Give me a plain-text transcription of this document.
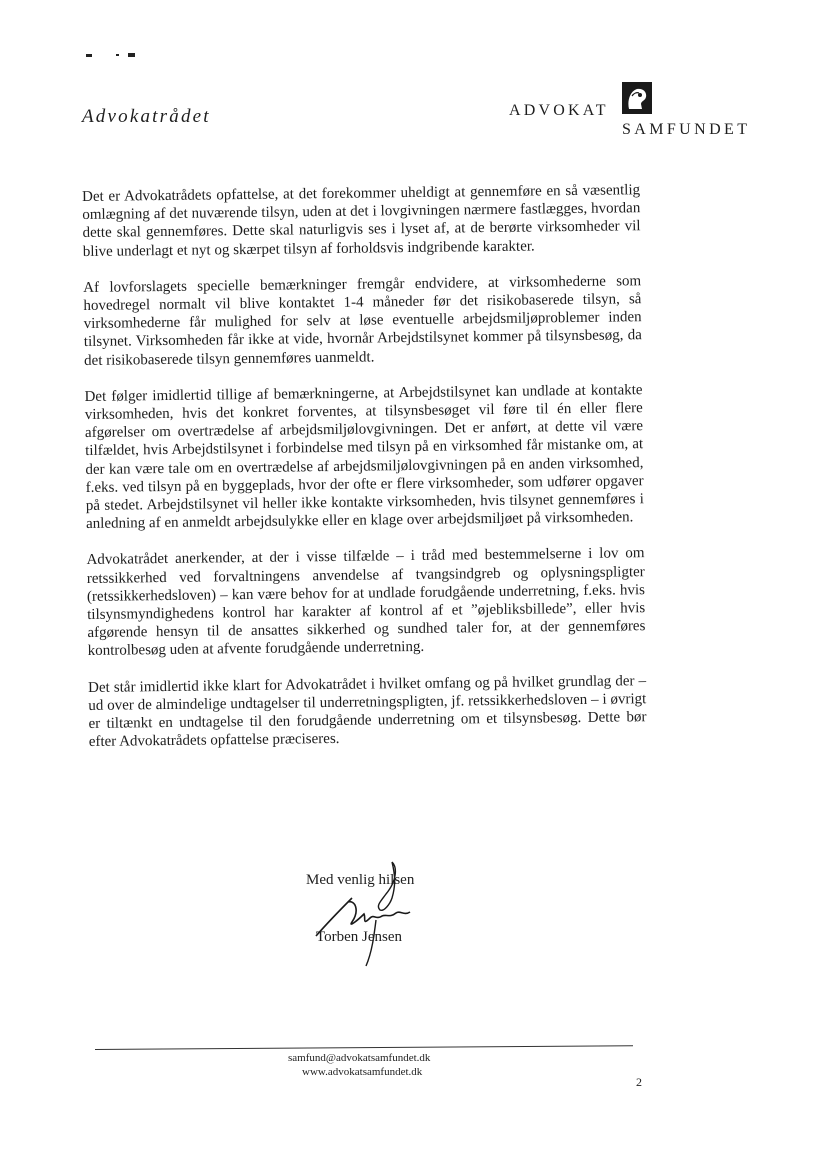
Advokatrådet	ADVOKAT
SAMFUNDET

Det er Advokatrådets opfattelse, at det forekommer uheldigt at gennemføre en så væsentlig omlægning af det nuværende tilsyn, uden at det i lovgivningen nærmere fastlægges, hvordan dette skal gennemføres. Dette skal naturligvis ses i lyset af, at de berørte virksomheder vil blive underlagt et nyt og skærpet tilsyn af forholdsvis indgribende karakter.

Af lovforslagets specielle bemærkninger fremgår endvidere, at virksomhederne som hovedregel normalt vil blive kontaktet 1-4 måneder før det risikobaserede tilsyn, så virksomhederne får mulighed for selv at løse eventuelle arbejdsmiljøproblemer inden tilsynet. Virksomheden får ikke at vide, hvornår Arbejdstilsynet kommer på tilsynsbesøg, da det risikobaserede tilsyn gennemføres uanmeldt.

Det følger imidlertid tillige af bemærkningerne, at Arbejdstilsynet kan undlade at kontakte virksomheden, hvis det konkret forventes, at tilsynsbesøget vil føre til én eller flere afgørelser om overtrædelse af arbejdsmiljølovgivningen. Det er anført, at dette vil være tilfældet, hvis Arbejdstilsynet i forbindelse med tilsyn på en virksomhed får mistanke om, at der kan være tale om en overtrædelse af arbejdsmiljølovgivningen på en anden virksomhed, f.eks. ved tilsyn på en byggeplads, hvor der ofte er flere virksomheder, som udfører opgaver på stedet. Arbejdstilsynet vil heller ikke kontakte virksomheden, hvis tilsynet gennemføres i anledning af en anmeldt arbejdsulykke eller en klage over arbejdsmiljøet på virksomheden.

Advokatrådet anerkender, at der i visse tilfælde – i tråd med bestemmelserne i lov om retssikkerhed ved forvaltningens anvendelse af tvangsindgreb og oplysningspligter (retssikkerhedsloven) – kan være behov for at undlade forudgående underretning, f.eks. hvis tilsynsmyndighedens kontrol har karakter af kontrol af et ”øjebliksbillede”, eller hvis afgørende hensyn til de ansattes sikkerhed og sundhed taler for, at der gennemføres kontrolbesøg uden at afvente forudgående underretning.

Det står imidlertid ikke klart for Advokatrådet i hvilket omfang og på hvilket grundlag der – ud over de almindelige undtagelser til underretningspligten, jf. retssikkerhedsloven – i øvrigt er tiltænkt en undtagelse til den forudgående underretning om et tilsynsbesøg. Dette bør efter Advokatrådets opfattelse præciseres.

Med venlig hilsen
Torben Jensen
samfund@advokatsamfundet.dk
www.advokatsamfundet.dk
2
